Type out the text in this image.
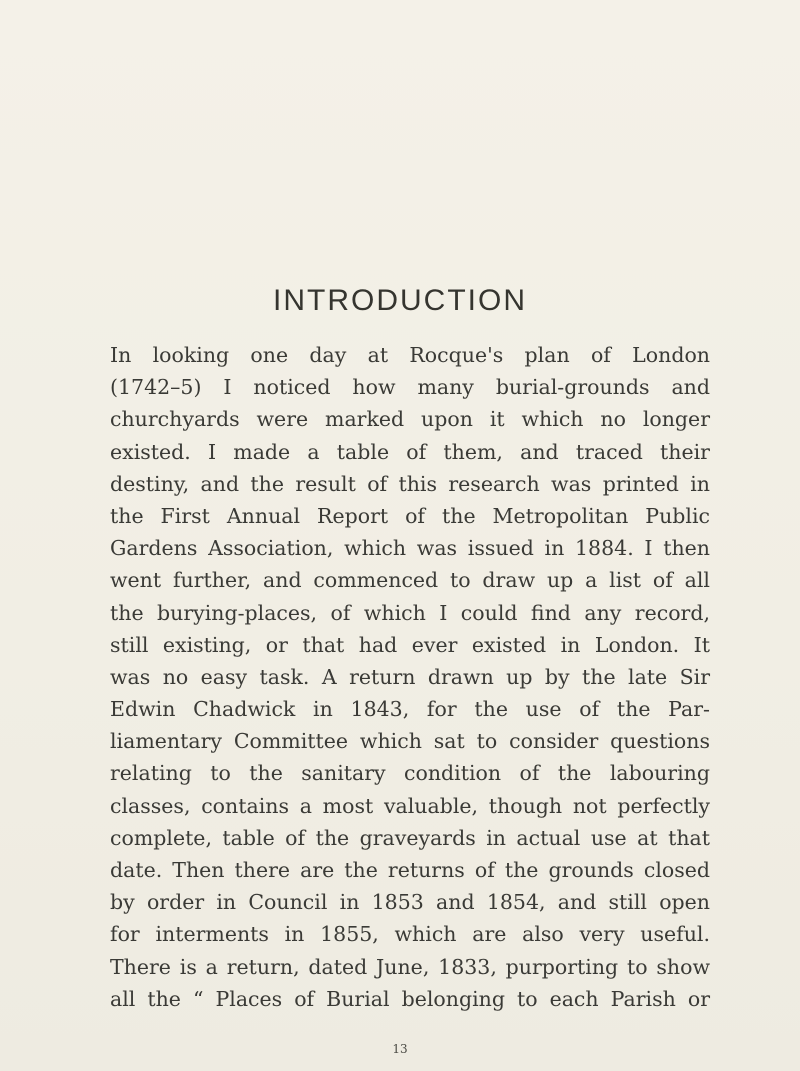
INTRODUCTION
In looking one day at Rocque's plan of London
(1742–5) I noticed how many burial-grounds and
churchyards were marked upon it which no longer
existed. I made a table of them, and traced their
destiny, and the result of this research was printed in
the First Annual Report of the Metropolitan Public
Gardens Association, which was issued in 1884. I then
went further, and commenced to draw up a list of all
the burying-places, of which I could find any record,
still existing, or that had ever existed in London. It
was no easy task. A return drawn up by the late Sir
Edwin Chadwick in 1843, for the use of the Par-
liamentary Committee which sat to consider questions
relating to the sanitary condition of the labouring
classes, contains a most valuable, though not perfectly
complete, table of the graveyards in actual use at that
date. Then there are the returns of the grounds closed
by order in Council in 1853 and 1854, and still open
for interments in 1855, which are also very useful.
There is a return, dated June, 1833, purporting to show
all the “ Places of Burial belonging to each Parish or
13
